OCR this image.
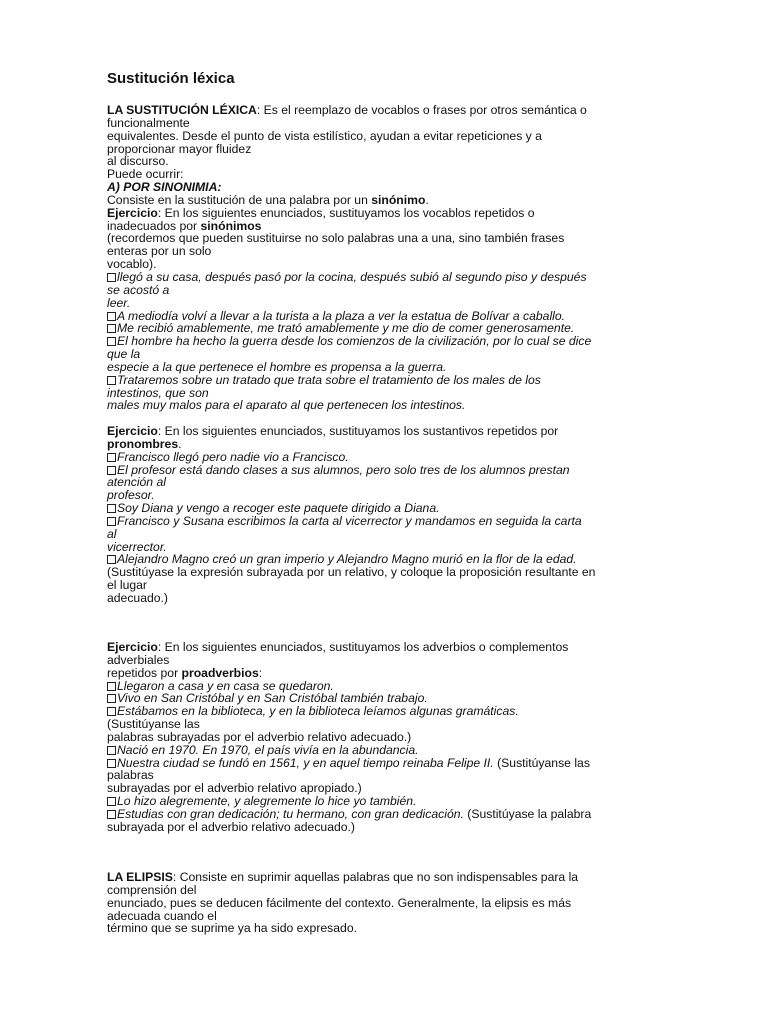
Sustitución léxica
LA SUSTITUCIÓN LÉXICA: Es el reemplazo de vocablos o frases por otros semántica o
funcionalmente
equivalentes. Desde el punto de vista estilístico, ayudan a evitar repeticiones y a
proporcionar mayor fluidez
al discurso.
Puede ocurrir:
A) POR SINONIMIA:
Consiste en la sustitución de una palabra por un sinónimo.
Ejercicio: En los siguientes enunciados, sustituyamos los vocablos repetidos o
inadecuados por sinónimos
(recordemos que pueden sustituirse no solo palabras una a una, sino también frases
enteras por un solo
vocablo).
llegó a su casa, después pasó por la cocina, después subió al segundo piso y después
se acostó a
leer.
A mediodía volví a llevar a la turista a la plaza a ver la estatua de Bolívar a caballo.
Me recibió amablemente, me trató amablemente y me dio de comer generosamente.
El hombre ha hecho la guerra desde los comienzos de la civilización, por lo cual se dice
que la
especie a la que pertenece el hombre es propensa a la guerra.
Trataremos sobre un tratado que trata sobre el tratamiento de los males de los
intestinos, que son
males muy malos para el aparato al que pertenecen los intestinos.
Ejercicio: En los siguientes enunciados, sustituyamos los sustantivos repetidos por
pronombres.
Francisco llegó pero nadie vio a Francisco.
El profesor está dando clases a sus alumnos, pero solo tres de los alumnos prestan
atención al
profesor.
Soy Diana y vengo a recoger este paquete dirigido a Diana.
Francisco y Susana escribimos la carta al vicerrector y mandamos en seguida la carta
al
vicerrector.
Alejandro Magno creó un gran imperio y Alejandro Magno murió en la flor de la edad.
(Sustitúyase la expresión subrayada por un relativo, y coloque la proposición resultante en
el lugar
adecuado.)
Ejercicio: En los siguientes enunciados, sustituyamos los adverbios o complementos
adverbiales
repetidos por proadverbios:
Llegaron a casa y en casa se quedaron.
Vivo en San Cristóbal y en San Cristóbal también trabajo.
Estábamos en la biblioteca, y en la biblioteca leíamos algunas gramáticas.
(Sustitúyanse las
palabras subrayadas por el adverbio relativo adecuado.)
Nació en 1970. En 1970, el país vivía en la abundancia.
Nuestra ciudad se fundó en 1561, y en aquel tiempo reinaba Felipe II. (Sustitúyanse las
palabras
subrayadas por el adverbio relativo apropiado.)
Lo hizo alegremente, y alegremente lo hice yo también.
Estudias con gran dedicación; tu hermano, con gran dedicación. (Sustitúyase la palabra
subrayada por el adverbio relativo adecuado.)
LA ELIPSIS: Consiste en suprimir aquellas palabras que no son indispensables para la
comprensión del
enunciado, pues se deducen fácilmente del contexto. Generalmente, la elipsis es más
adecuada cuando el
término que se suprime ya ha sido expresado.
